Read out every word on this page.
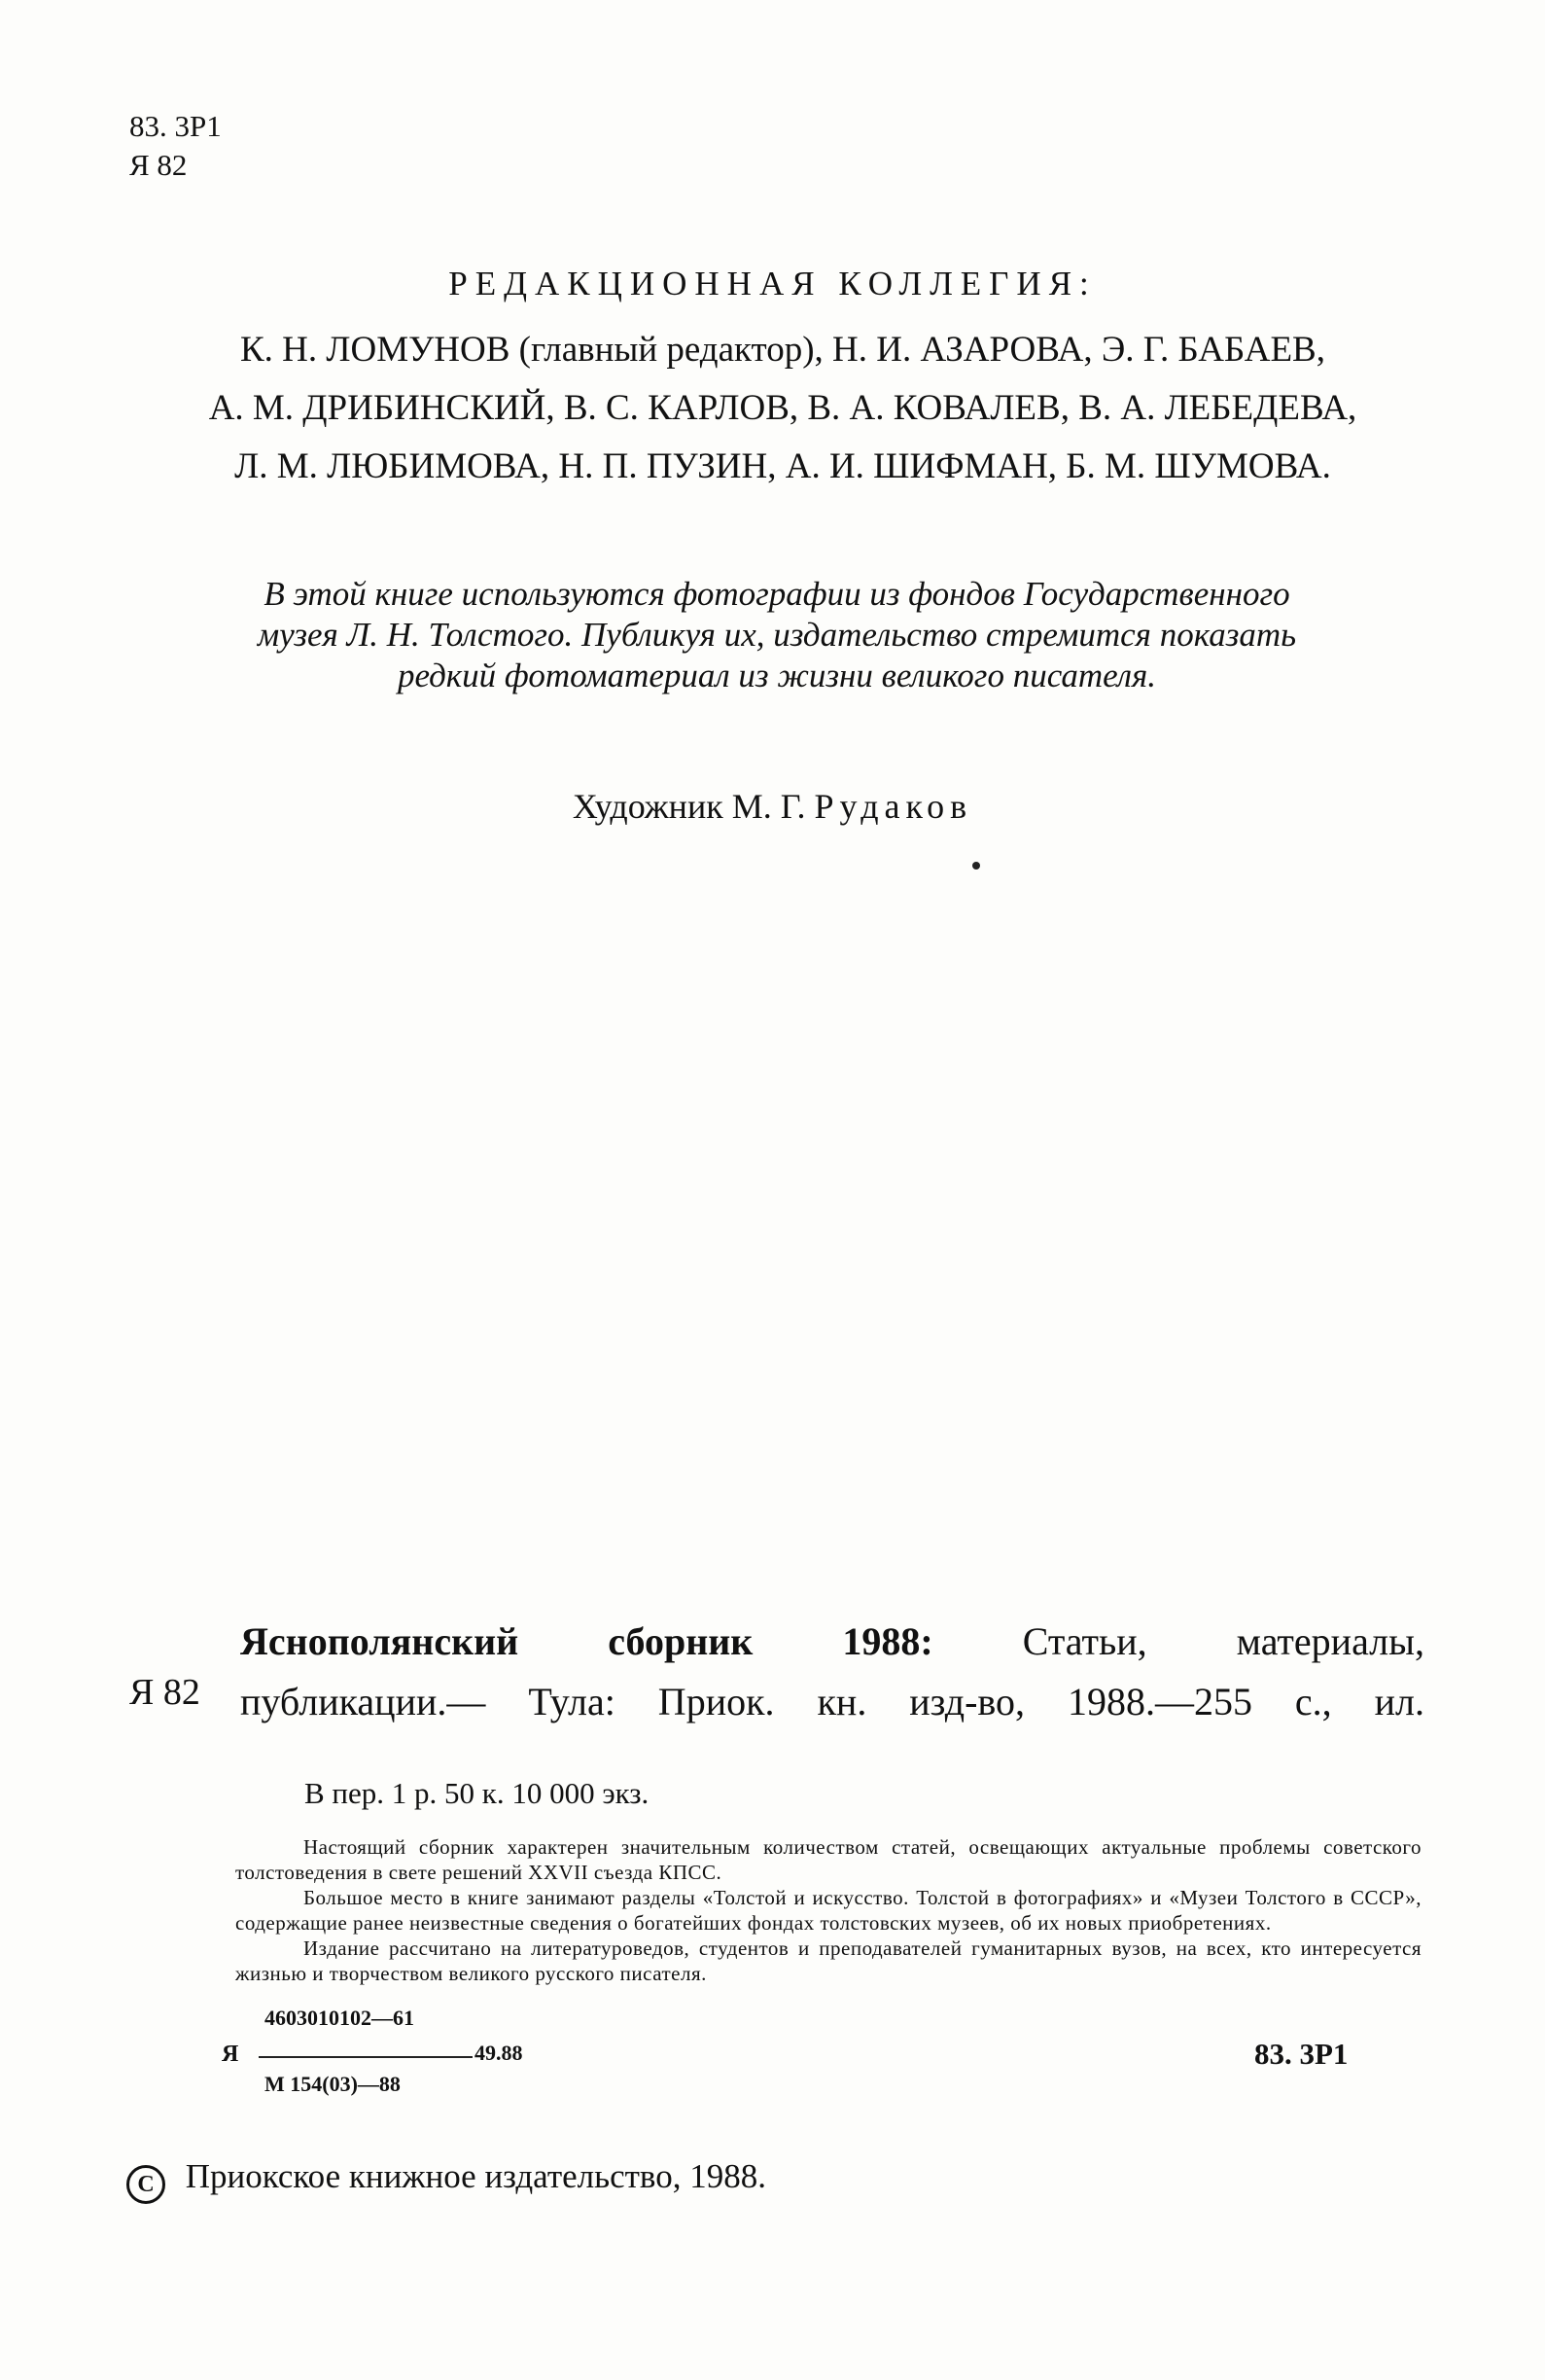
83. 3Р1
Я 82
РЕДАКЦИОННАЯ КОЛЛЕГИЯ:
К. Н. ЛОМУНОВ (главный редактор), Н. И. АЗАРОВА, Э. Г. БАБАЕВ,
А. М. ДРИБИНСКИЙ, В. С. КАРЛОВ, В. А. КОВАЛЕВ, В. А. ЛЕБЕДЕВА,
Л. М. ЛЮБИМОВА, Н. П. ПУЗИН, А. И. ШИФМАН, Б. М. ШУМОВА.
В этой книге используются фотографии из фондов Государственного
музея Л. Н. Толстого. Публикуя их, издательство стремится показать
редкий фотоматериал из жизни великого писателя.
Художник М. Г. Рудаков
Я 82
Яснополянский сборник 1988: Статьи, материалы,
публикации.— Тула: Приок. кн. изд-во, 1988.—255 с., ил.
В пер. 1 р. 50 к. 10 000 экз.

Настоящий сборник характерен значительным количеством статей, освещающих актуальные проблемы советского толстоведения в свете решений XXVII съезда КПСС.

Большое место в книге занимают разделы «Толстой и искусство. Толстой в фотографиях» и «Музеи Толстого в СССР», содержащие ранее неизвестные сведения о богатейших фондах толстовских музеев, об их новых приобретениях.

Издание рассчитано на литературоведов, студентов и преподавателей гуманитарных вузов, на всех, кто интересуется жизнью и творчеством великого русского писателя.

Я
4603010102—61
49.88
М 154(03)—88
83. 3Р1
С Приокское книжное издательство, 1988.
